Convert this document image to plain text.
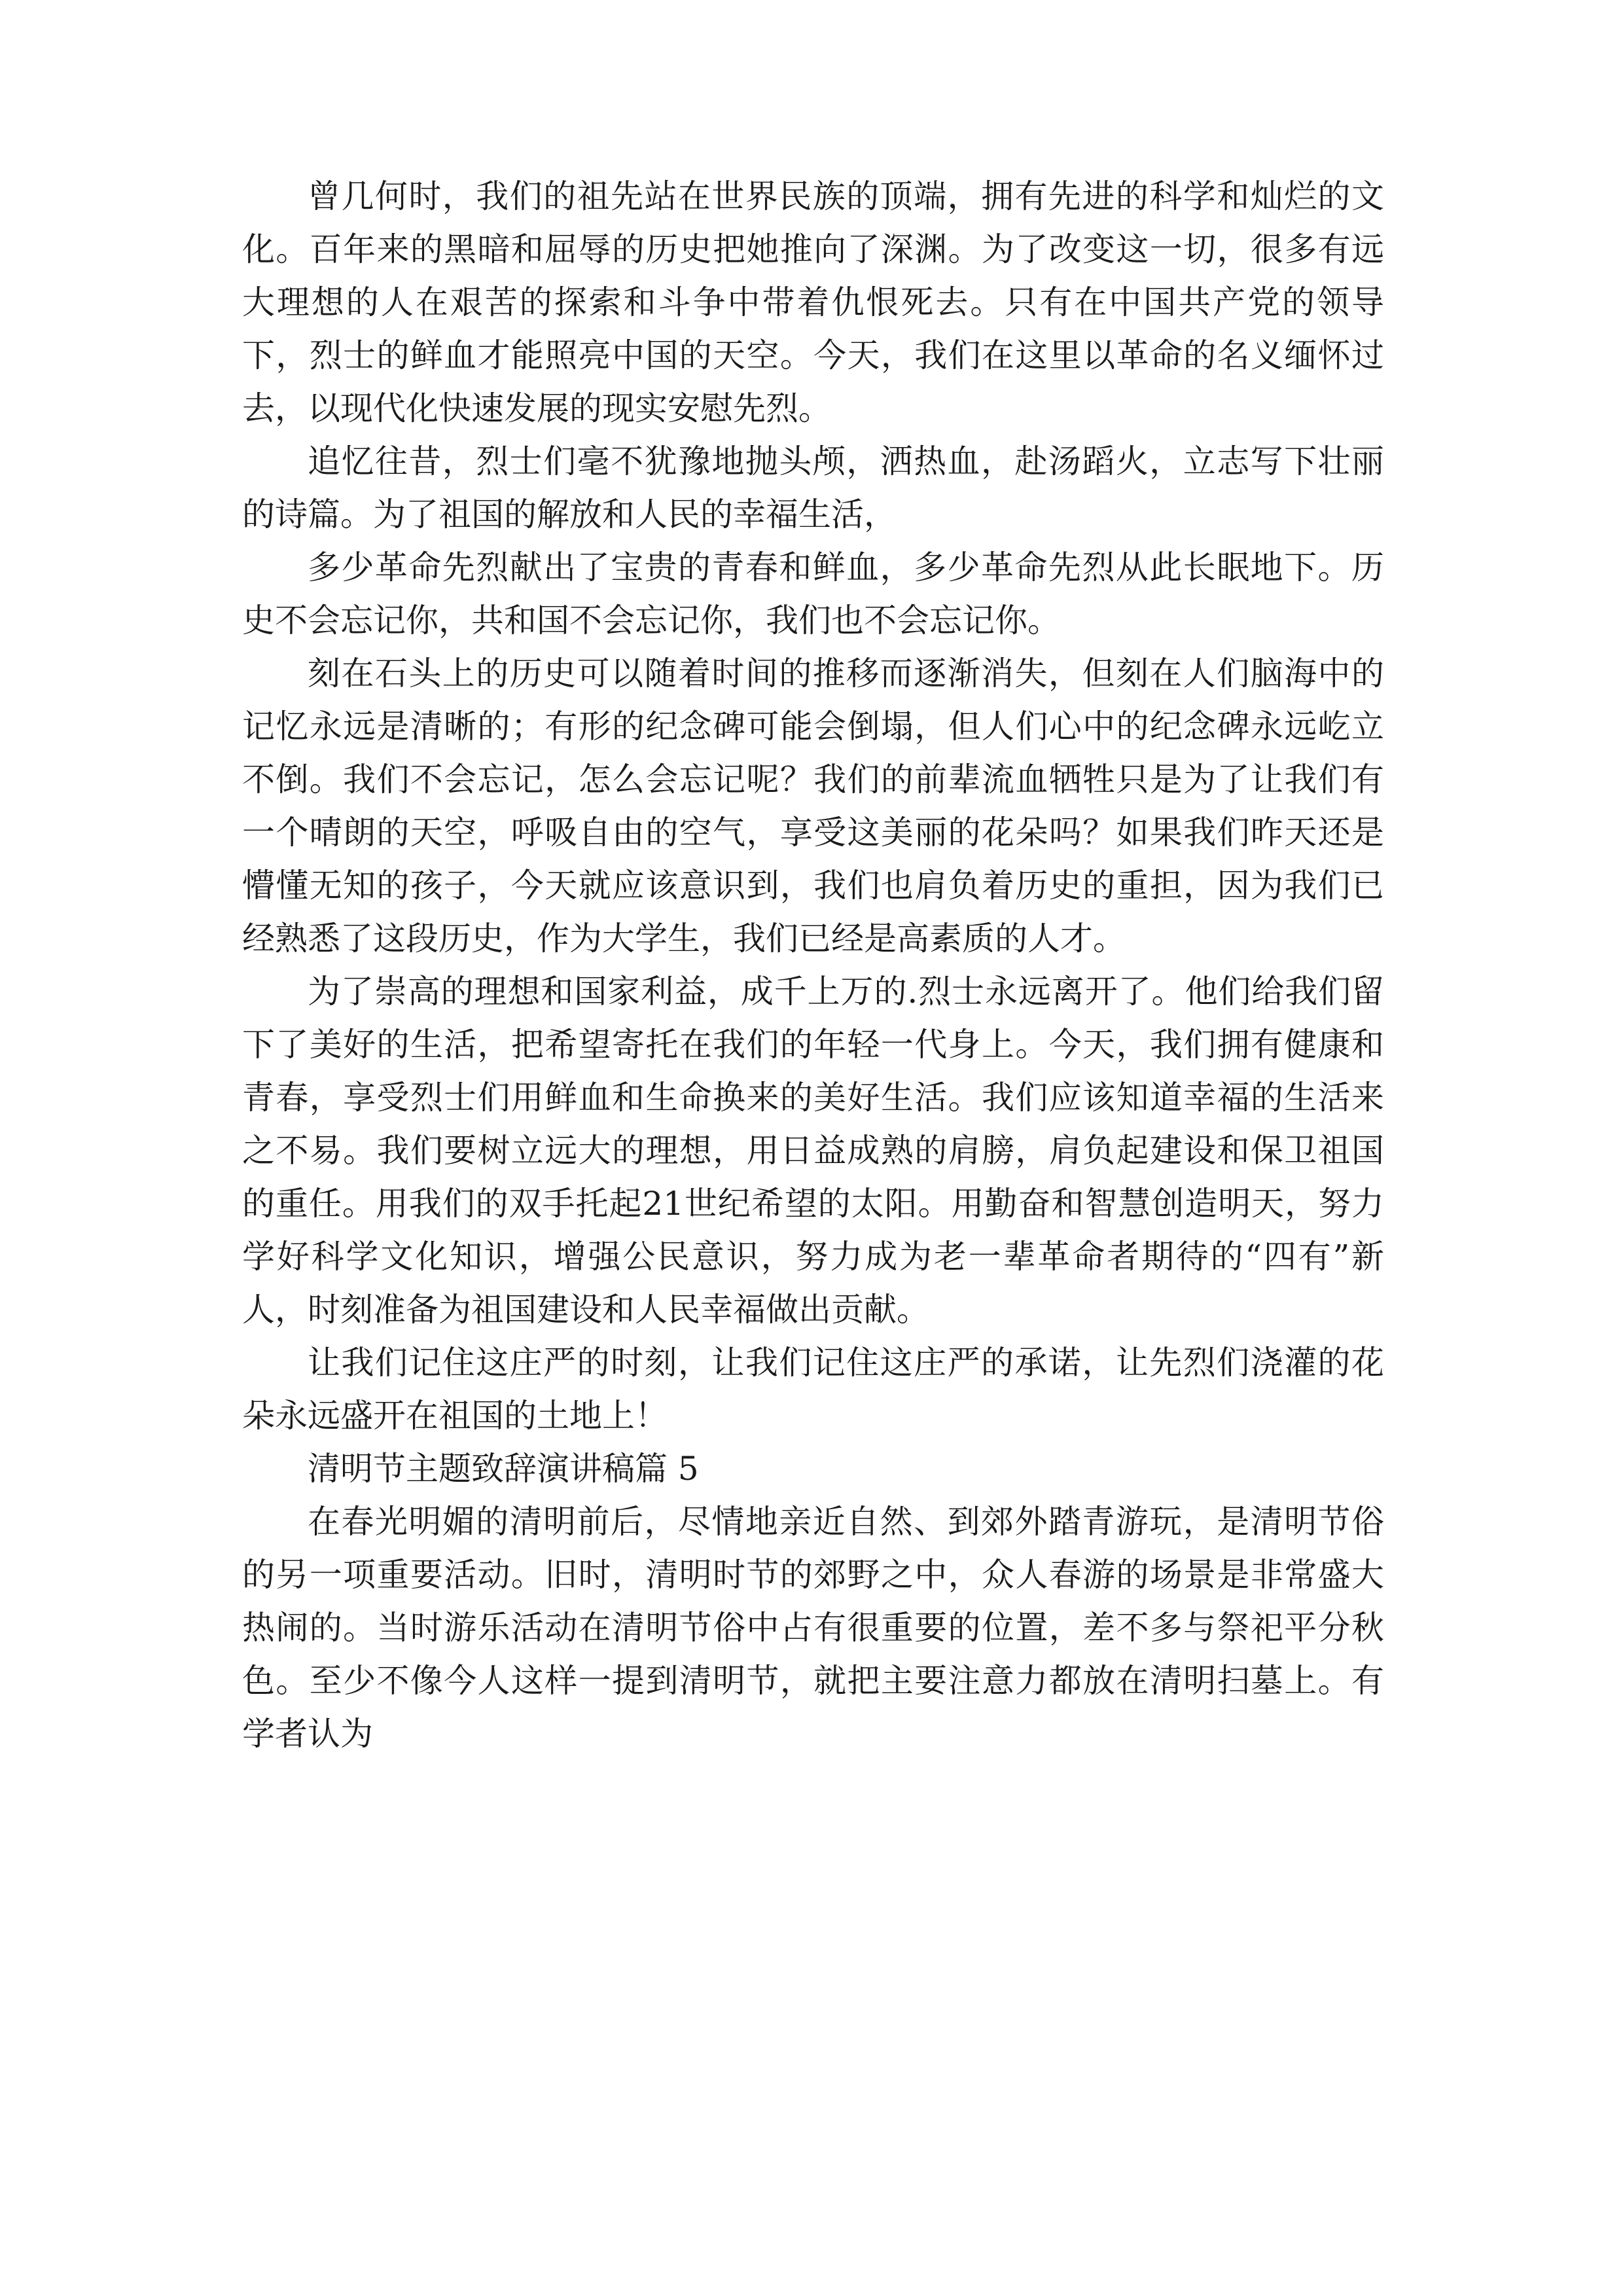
曾几何时，我们的祖先站在世界民族的顶端，拥有先进的科学和灿烂的文化。百年来的黑暗和屈辱的历史把她推向了深渊。为了改变这一切，很多有远大理想的人在艰苦的探索和斗争中带着仇恨死去。只有在中国共产党的领导下，烈士的鲜血才能照亮中国的天空。今天，我们在这里以革命的名义缅怀过去，以现代化快速发展的现实安慰先烈。

追忆往昔，烈士们毫不犹豫地抛头颅，洒热血，赴汤蹈火，立志写下壮丽的诗篇。为了祖国的解放和人民的幸福生活，

多少革命先烈献出了宝贵的青春和鲜血，多少革命先烈从此长眠地下。历史不会忘记你，共和国不会忘记你，我们也不会忘记你。

刻在石头上的历史可以随着时间的推移而逐渐消失，但刻在人们脑海中的记忆永远是清晰的；有形的纪念碑可能会倒塌，但人们心中的纪念碑永远屹立不倒。我们不会忘记，怎么会忘记呢？我们的前辈流血牺牲只是为了让我们有一个晴朗的天空，呼吸自由的空气，享受这美丽的花朵吗？如果我们昨天还是懵懂无知的孩子，今天就应该意识到，我们也肩负着历史的重担，因为我们已经熟悉了这段历史，作为大学生，我们已经是高素质的人才。

为了崇高的理想和国家利益，成千上万的.烈士永远离开了。他们给我们留下了美好的生活，把希望寄托在我们的年轻一代身上。今天，我们拥有健康和青春，享受烈士们用鲜血和生命换来的美好生活。我们应该知道幸福的生活来之不易。我们要树立远大的理想，用日益成熟的肩膀，肩负起建设和保卫祖国的重任。用我们的双手托起21世纪希望的太阳。用勤奋和智慧创造明天，努力学好科学文化知识，增强公民意识，努力成为老一辈革命者期待的“四有”新人，时刻准备为祖国建设和人民幸福做出贡献。

让我们记住这庄严的时刻，让我们记住这庄严的承诺，让先烈们浇灌的花朵永远盛开在祖国的土地上！

清明节主题致辞演讲稿篇 5

在春光明媚的清明前后，尽情地亲近自然、到郊外踏青游玩，是清明节俗的另一项重要活动。旧时，清明时节的郊野之中，众人春游的场景是非常盛大热闹的。当时游乐活动在清明节俗中占有很重要的位置，差不多与祭祀平分秋色。至少不像今人这样一提到清明节，就把主要注意力都放在清明扫墓上。有学者认为
